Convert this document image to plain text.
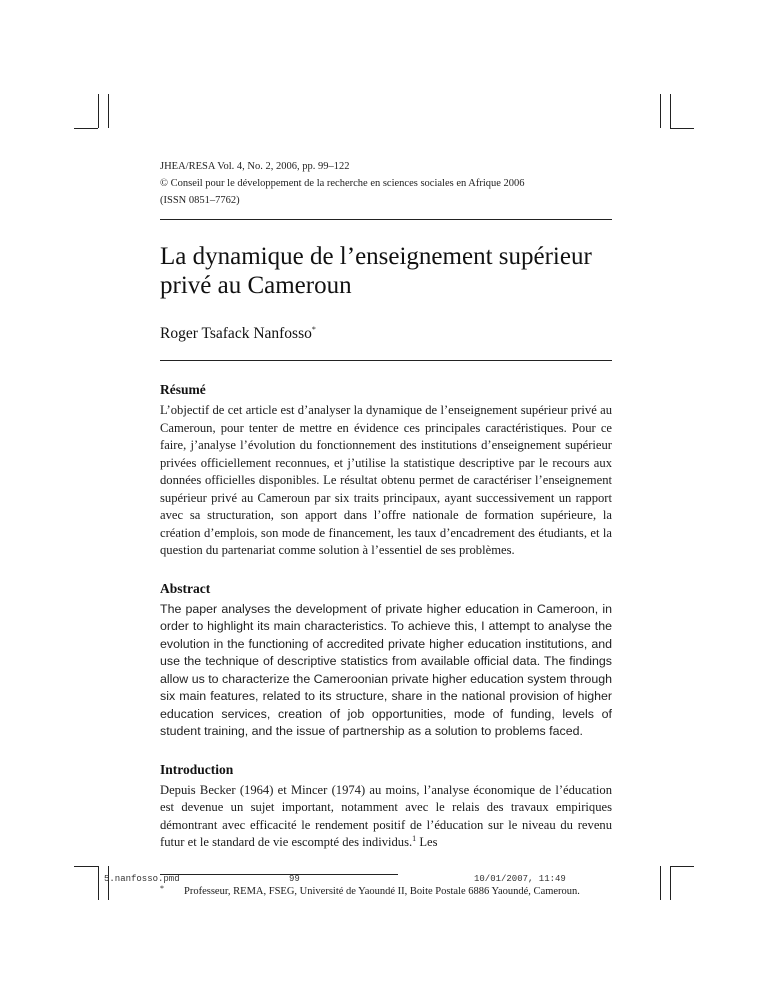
JHEA/RESA Vol. 4, No. 2, 2006, pp. 99–122
© Conseil pour le développement de la recherche en sciences sociales en Afrique 2006
(ISSN 0851–7762)
La dynamique de l’enseignement supérieur privé au Cameroun
Roger Tsafack Nanfosso*
Résumé

L’objectif de cet article est d’analyser la dynamique de l’enseignement supérieur privé au Cameroun, pour tenter de mettre en évidence ces principales caractéristiques. Pour ce faire, j’analyse l’évolution du fonctionnement des institutions d’enseignement supérieur privées officiellement reconnues, et j’utilise la statistique descriptive par le recours aux données officielles disponibles. Le résultat obtenu permet de caractériser l’enseignement supérieur privé au Cameroun par six traits principaux, ayant successivement un rapport avec sa structuration, son apport dans l’offre nationale de formation supérieure, la création d’emplois, son mode de financement, les taux d’encadrement des étudiants, et la question du partenariat comme solution à l’essentiel de ses problèmes.

Abstract

The paper analyses the development of private higher education in Cameroon, in order to highlight its main characteristics. To achieve this, I attempt to analyse the evolution in the functioning of accredited private higher education institutions, and use the technique of descriptive statistics from available official data. The findings allow us to characterize the Cameroonian private higher education system through six main features, related to its structure, share in the national provision of higher education services, creation of job opportunities, mode of funding, levels of student training, and the issue of partnership as a solution to problems faced.

Introduction

Depuis Becker (1964) et Mincer (1974) au moins, l’analyse économique de l’éducation est devenue un sujet important, notamment avec le relais des travaux empiriques démontrant avec efficacité le rendement positif de l’éducation sur le niveau du revenu futur et le standard de vie escompté des individus.$^1$ Les

*	Professeur, REMA, FSEG, Université de Yaoundé II, Boite Postale 6886 Yaoundé, Cameroun.
5.nanfosso.pmd	99	10/01/2007, 11:49
